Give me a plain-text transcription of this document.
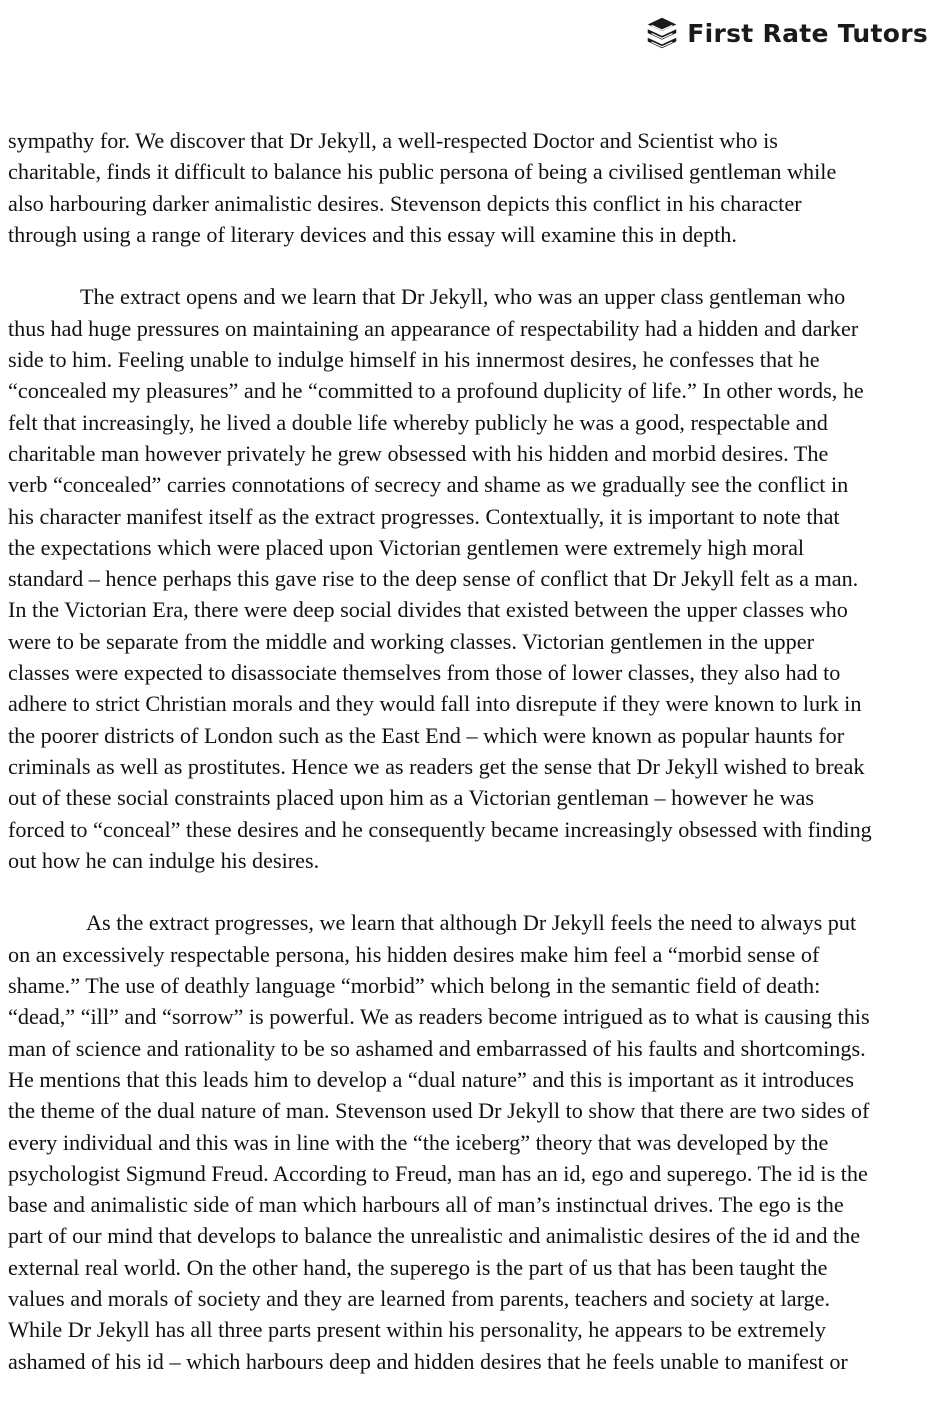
First Rate Tutors

sympathy for. We discover that Dr Jekyll, a well-respected Doctor and Scientist who is

charitable, finds it difficult to balance his public persona of being a civilised gentleman while

also harbouring darker animalistic desires. Stevenson depicts this conflict in his character

through using a range of literary devices and this essay will examine this in depth.

The extract opens and we learn that Dr Jekyll, who was an upper class gentleman who

thus had huge pressures on maintaining an appearance of respectability had a hidden and darker

side to him. Feeling unable to indulge himself in his innermost desires, he confesses that he

“concealed my pleasures” and he “committed to a profound duplicity of life.” In other words, he

felt that increasingly, he lived a double life whereby publicly he was a good, respectable and

charitable man however privately he grew obsessed with his hidden and morbid desires. The

verb “concealed” carries connotations of secrecy and shame as we gradually see the conflict in

his character manifest itself as the extract progresses. Contextually, it is important to note that

the expectations which were placed upon Victorian gentlemen were extremely high moral

standard – hence perhaps this gave rise to the deep sense of conflict that Dr Jekyll felt as a man.

In the Victorian Era, there were deep social divides that existed between the upper classes who

were to be separate from the middle and working classes. Victorian gentlemen in the upper

classes were expected to disassociate themselves from those of lower classes, they also had to

adhere to strict Christian morals and they would fall into disrepute if they were known to lurk in

the poorer districts of London such as the East End – which were known as popular haunts for

criminals as well as prostitutes. Hence we as readers get the sense that Dr Jekyll wished to break

out of these social constraints placed upon him as a Victorian gentleman – however he was

forced to “conceal” these desires and he consequently became increasingly obsessed with finding

out how he can indulge his desires.

As the extract progresses, we learn that although Dr Jekyll feels the need to always put

on an excessively respectable persona, his hidden desires make him feel a “morbid sense of

shame.” The use of deathly language “morbid” which belong in the semantic field of death:

“dead,” “ill” and “sorrow” is powerful. We as readers become intrigued as to what is causing this

man of science and rationality to be so ashamed and embarrassed of his faults and shortcomings.

He mentions that this leads him to develop a “dual nature” and this is important as it introduces

the theme of the dual nature of man. Stevenson used Dr Jekyll to show that there are two sides of

every individual and this was in line with the “the iceberg” theory that was developed by the

psychologist Sigmund Freud. According to Freud, man has an id, ego and superego. The id is the

base and animalistic side of man which harbours all of man’s instinctual drives. The ego is the

part of our mind that develops to balance the unrealistic and animalistic desires of the id and the

external real world. On the other hand, the superego is the part of us that has been taught the

values and morals of society and they are learned from parents, teachers and society at large.

While Dr Jekyll has all three parts present within his personality, he appears to be extremely

ashamed of his id – which harbours deep and hidden desires that he feels unable to manifest or
